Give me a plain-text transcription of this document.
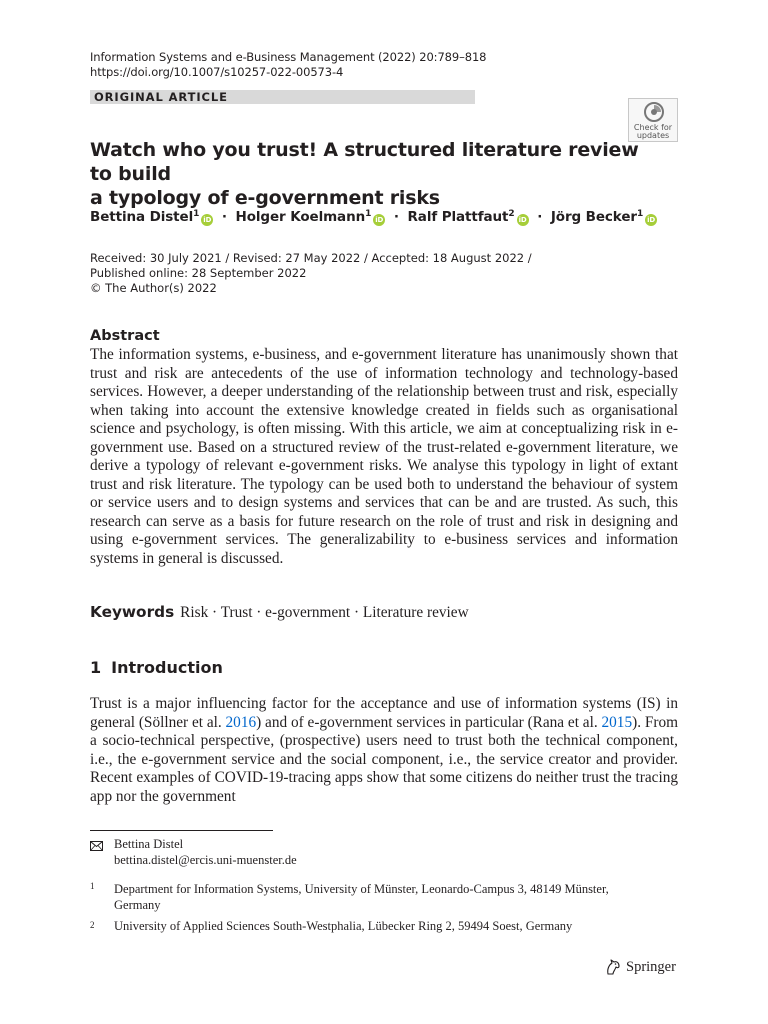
Information Systems and e-Business Management (2022) 20:789–818
https://doi.org/10.1007/s10257-022-00573-4
ORIGINAL ARTICLE
Check for
updates
Watch who you trust! A structured literature review to build
a typology of e-government risks
Bettina Distel$^1$iD · Holger Koelmann$^1$iD · Ralf Plattfaut$^2$iD · Jörg Becker$^1$iD
Received: 30 July 2021 / Revised: 27 May 2022 / Accepted: 18 August 2022 /
Published online: 28 September 2022
© The Author(s) 2022
Abstract

The information systems, e-business, and e-government literature has unanimously shown that trust and risk are antecedents of the use of information technology and technology-based services. However, a deeper understanding of the relationship between trust and risk, especially when taking into account the extensive knowledge created in fields such as organisational science and psychology, is often missing. With this article, we aim at conceptualizing risk in e-government use. Based on a structured review of the trust-related e-government literature, we derive a typology of relevant e-government risks. We analyse this typology in light of extant trust and risk literature. The typology can be used both to understand the behaviour of system or service users and to design systems and services that can be and are trusted. As such, this research can serve as a basis for future research on the role of trust and risk in designing and using e-government services. The generalizability to e-business services and information systems in general is discussed.

Keywords Risk · Trust · e-government · Literature review
1 Introduction

Trust is a major influencing factor for the acceptance and use of information systems (IS) in general (Söllner et al. 2016) and of e-government services in particular (Rana et al. 2015). From a socio-technical perspective, (prospective) users need to trust both the technical component, i.e., the e-government service and the social component, i.e., the service creator and provider. Recent examples of COVID-19-tracing apps show that some citizens do neither trust the tracing app nor the government

Bettina Distel
bettina.distel@ercis.uni-muenster.de
1 Department for Information Systems, University of Münster, Leonardo-Campus 3, 48149 Münster, Germany
2 University of Applied Sciences South-Westphalia, Lübecker Ring 2, 59494 Soest, Germany
Springer
